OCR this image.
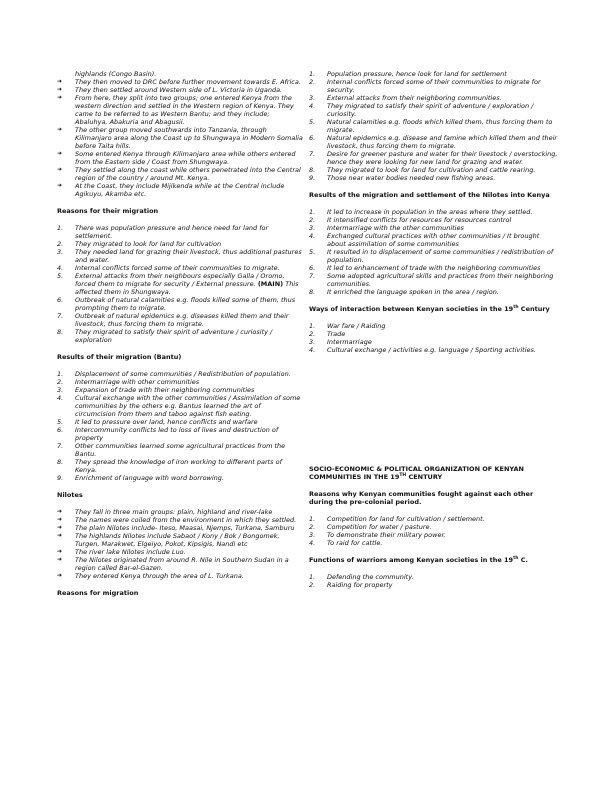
highlands (Congo Basin).
➜ They then moved to DRC before further movement towards E. Africa.
➜ They then settled around Western side of L. Victoria in Uganda.
➜ From here, they split into two groups; one entered Kenya from the western direction and settled in the Western region of Kenya. They came to be referred to as Western Bantu; and they include; Abaluhya, Abakuria and Abagusii.
➜ The other group moved southwards into Tanzania, through Kilimanjaro area along the Coast up to Shungwaya in Modern Somalia before Taita hills.
➜ Some entered Kenya through Kilimanjaro area while others entered from the Eastern side / Coast from Shungwaya.
➜ They settled along the coast while others penetrated into the Central region of the country / around Mt. Kenya.
➜ At the Coast, they include Mijikenda while at the Central include Agikuyu, Akamba etc.
Reasons for their migration
1. There was population pressure and hence need for land for settlement.
2. They migrated to look for land for cultivation
3. They needed land for grazing their livestock, thus additional pastures and water.
4. Internal conflicts forced some of their communities to migrate.
5. External attacks from their neighbours especially Galla / Oromo, forced them to migrate for security / External pressure. (MAIN) This affected them in Shungwaya.
6. Outbreak of natural calamities e.g. floods killed some of them, thus prompting them to migrate.
7. Outbreak of natural epidemics e.g. diseases killed them and their livestock, thus forcing them to migrate.
8. They migrated to satisfy their spirit of adventure / curiosity / exploration
Results of their migration (Bantu)
1. Displacement of some communities / Redistribution of population.
2. Intermarriage with other communities
3. Expansion of trade with their neighboring communities
4. Cultural exchange with the other communities / Assimilation of some communities by the others e.g. Bantus learned the art of circumcision from them and taboo against fish eating.
5. It led to pressure over land, hence conflicts and warfare
6. Intercommunity conflicts led to loss of lives and destruction of property
7. Other communities learned some agricultural practices from the Bantu.
8. They spread the knowledge of iron working to different parts of Kenya.
9. Enrichment of language with word borrowing.
Nilotes
➜ They fall in three main groups: plain, highland and river-lake
➜ The names were coiled from the environment in which they settled.
➜ The plain Nilotes include- Iteso, Maasai, Njemps, Turkana, Samburu
➜ The highlands Nilotes include Sabaot / Kony / Bok / Bongomek, Turgen, Marakwet, Elgeiyo, Pokot, Kipsigis, Nandi etc
➜ The river lake Nilotes include Luo.
➜ The Nilotes originated from around R. Nile in Southern Sudan in a region called Bar-el-Gazen.
➜ They entered Kenya through the area of L. Turkana.
Reasons for migration
1. Population pressure, hence look for land for settlement
2. Internal conflicts forced some of their communities to migrate for security.
3. External attacks from their neighboring communities.
4. They migrated to satisfy their spirit of adventure / exploration / curiosity.
5. Natural calamities e.g. floods which killed them, thus forcing them to migrate.
6. Natural epidemics e.g. disease and famine which killed them and their livestock, thus forcing them to migrate.
7. Desire for greener pasture and water for their livestock / overstocking, hence they were looking for new land for grazing and water.
8. They migrated to look for land for cultivation and cattle rearing.
9. Those near water bodies needed new fishing areas.
Results of the migration and settlement of the Nilotes into Kenya
1. It led to increase in population in the areas where they settled.
2. It intensified conflicts for resources for resources control
3. Intermarriage with the other communities
4. Exchanged cultural practices with other communities / It brought about assimilation of some communities
5. It resulted in to displacement of some communities / redistribution of population.
6. It led to enhancement of trade with the neighboring communities
7. Some adopted agricultural skills and practices from their neighboring communities.
8. It enriched the language spoken in the area / region.
Ways of interaction between Kenyan societies in the 19th Century
1. War fare / Raiding
2. Trade
3. Intermarriage
4. Cultural exchange / activities e.g. language / Sporting activities.
SOCIO-ECONOMIC & POLITICAL ORGANIZATION OF KENYAN COMMUNITIES IN THE 19TH CENTURY
Reasons why Kenyan communities fought against each other during the pre-colonial period.
1. Competition for land for cultivation / settlement.
2. Competition for water / pasture.
3. To demonstrate their military power.
4. To raid for cattle.
Functions of warriors among Kenyan societies in the 19th C.
1. Defending the community.
2. Raiding for property
